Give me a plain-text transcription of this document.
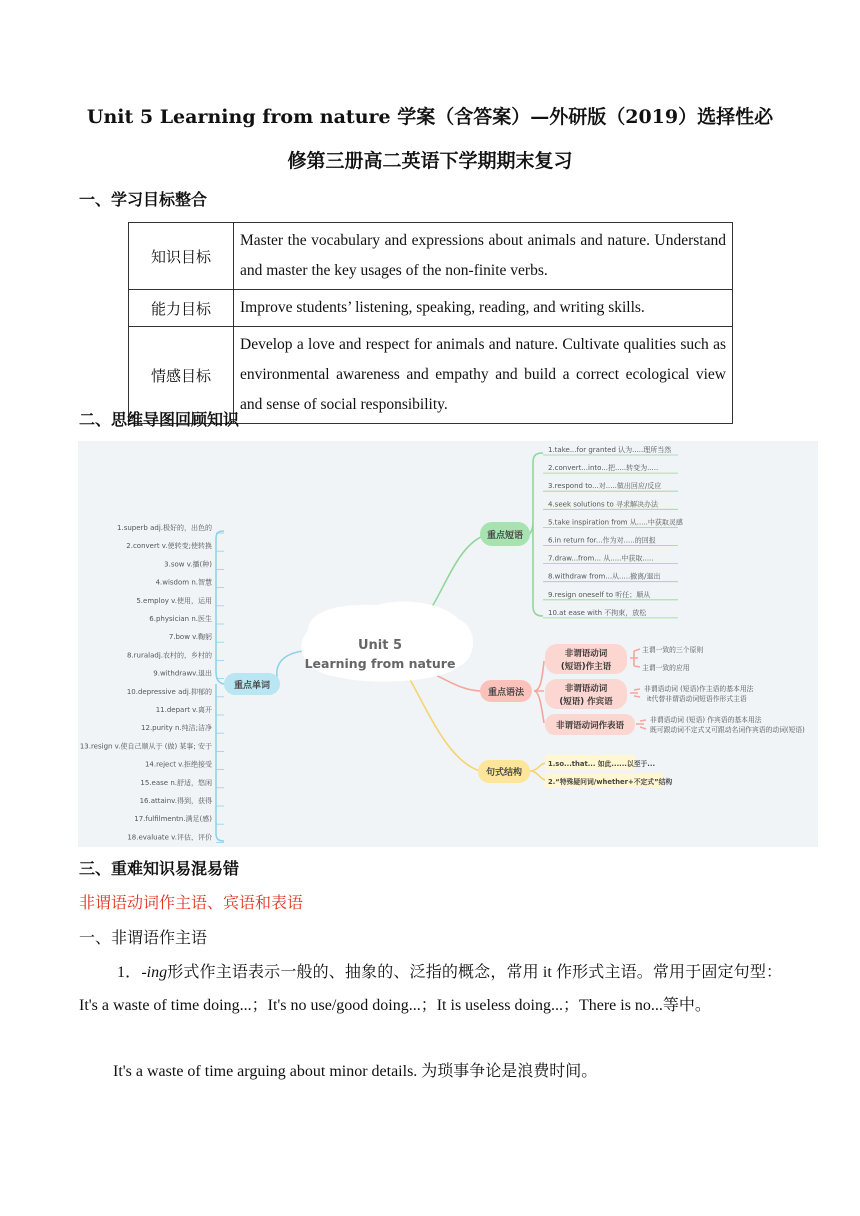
Unit 5 Learning from nature 学案（含答案）—外研版（2019）选择性必
修第三册高二英语下学期期末复习
一、学习目标整合
知识目标	Master the vocabulary and expressions about animals and nature. Understand and master the key usages of the non-finite verbs.
能力目标	Improve students’ listening, speaking, reading, and writing skills.
情感目标	Develop a love and respect for animals and nature. Cultivate qualities such as environmental awareness and empathy and build a correct ecological view and sense of social responsibility.
二、思维导图回顾知识
Unit 5
Learning from nature
重点短语
重点单词
重点语法
句式结构
非谓语动词
(短语)作主语
非谓语动词
(短语) 作宾语
非谓语动词作表语
主谓一致的三个原则
主谓一致的应用
非谓语动词 (短语)作主语的基本用法
it代替非谓语动词短语作形式主语
非谓语动词 (短语) 作宾语的基本用法
既可跟动词不定式又可跟动名词作宾语的动词(短语)
1.so...that... 如此......以至于...
2.“特殊疑问词/whether+不定式”结构
1.take...for granted 认为.....理所当然
2.convert...into...把.....转变为.....
3.respond to...对.....做出回应/反应
4.seek solutions to 寻求解决办法
5.take inspiration from 从.....中获取灵感
6.in return for...作为对.....的回报
7.draw...from... 从.....中获取.....
8.withdraw from...从.....撤离/退出
9.resign oneself to 听任；顺从
10.at ease with 不拘束，放松
1.superb adj.极好的，出色的
2.convert v.使转变;使转换
3.sow v.播(种)
4.wisdom n.智慧
5.employ v.使用，运用
6.physician n.医生
7.bow v.鞠躬
8.ruraladj.农村的，乡村的
9.withdrawv.退出
10.depressive adj.抑郁的
11.depart v.离开
12.purity n.纯洁;洁净
13.resign v.使自己顺从于 (做) 某事; 安于
14.reject v.拒绝接受
15.ease n.舒适，悠闲
16.attainv.得到，获得
17.fulfilmentn.满足(感)
18.evaluate v.评估，评价
三、重难知识易混易错
非谓语动词作主语、宾语和表语
一、非谓语作主语
1．-ing形式作主语表示一般的、抽象的、泛指的概念，常用 it 作形式主语。常用于固定句型：It's a waste of time doing...；It's no use/good doing...；It is useless doing...；There is no...等中。
It's a waste of time arguing about minor details. 为琐事争论是浪费时间。
